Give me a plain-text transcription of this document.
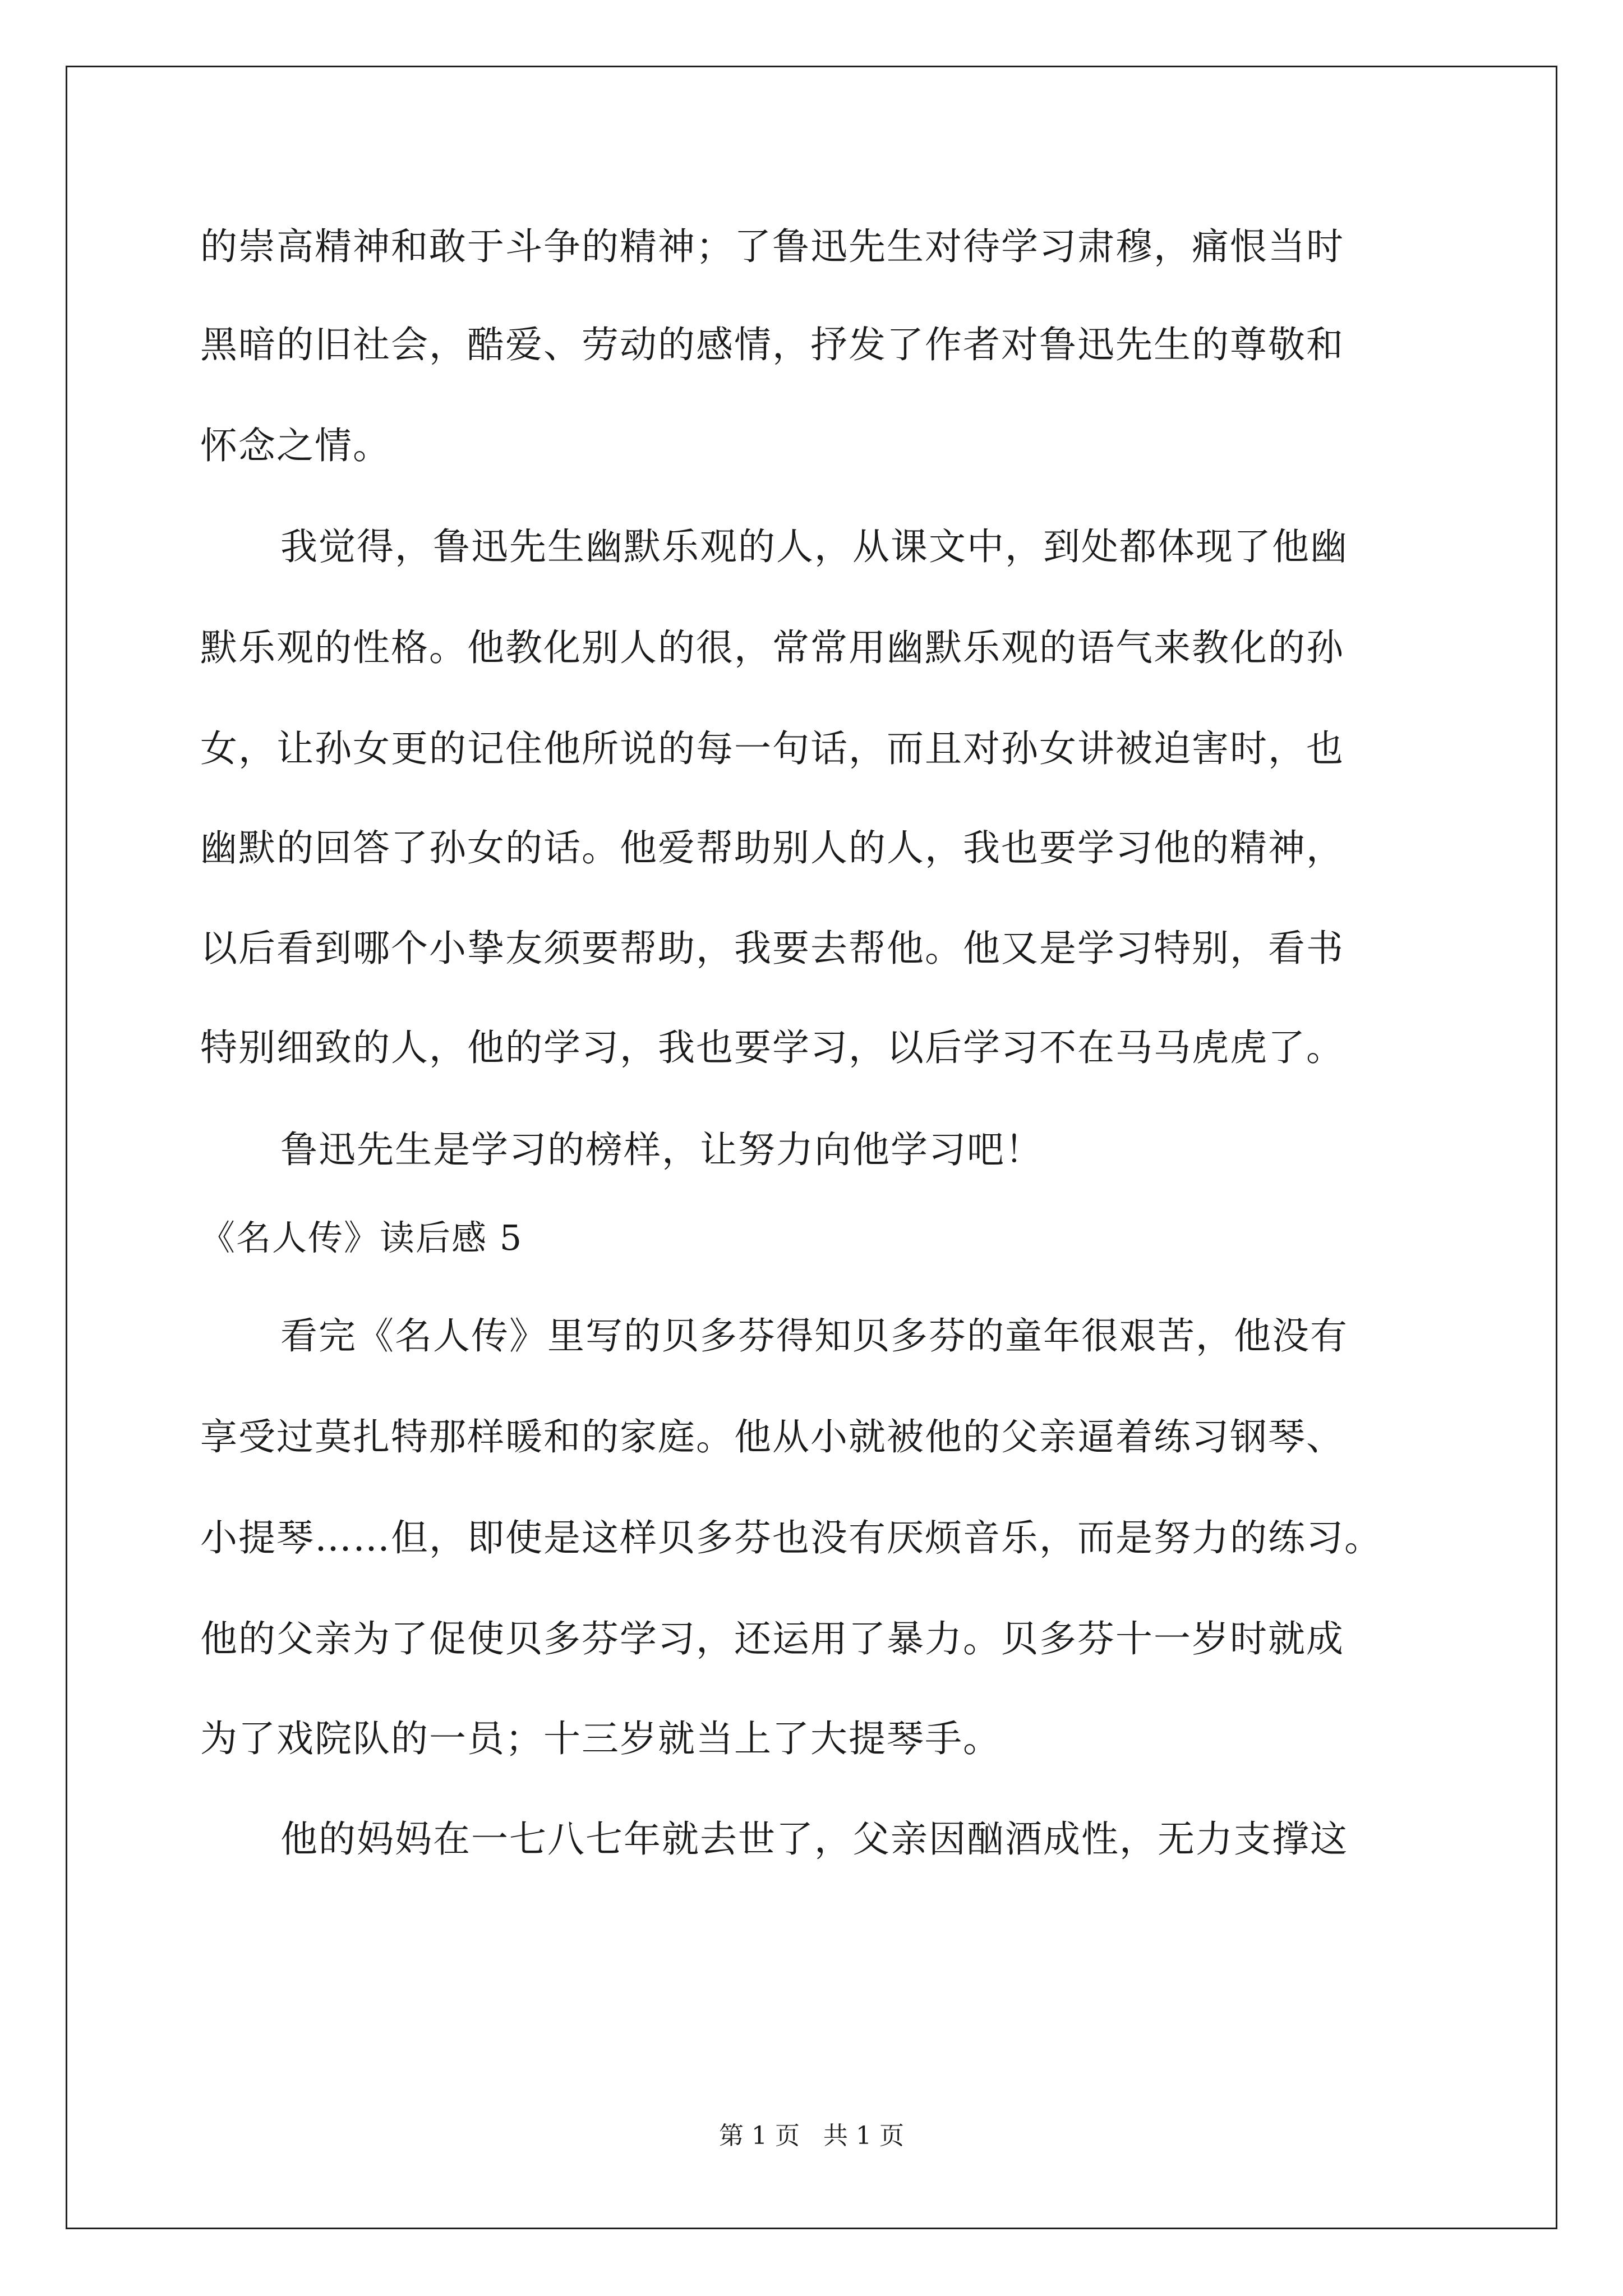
的崇高精神和敢于斗争的精神；了鲁迅先生对待学习肃穆，痛恨当时
黑暗的旧社会，酷爱、劳动的感情，抒发了作者对鲁迅先生的尊敬和
怀念之情。
我觉得，鲁迅先生幽默乐观的人，从课文中，到处都体现了他幽
默乐观的性格。他教化别人的很，常常用幽默乐观的语气来教化的孙
女，让孙女更的记住他所说的每一句话，而且对孙女讲被迫害时，也
幽默的回答了孙女的话。他爱帮助别人的人，我也要学习他的精神，
以后看到哪个小挚友须要帮助，我要去帮他。他又是学习特别，看书
特别细致的人，他的学习，我也要学习，以后学习不在马马虎虎了。
鲁迅先生是学习的榜样，让努力向他学习吧！
《名人传》读后感 5
看完《名人传》里写的贝多芬得知贝多芬的童年很艰苦，他没有
享受过莫扎特那样暖和的家庭。他从小就被他的父亲逼着练习钢琴、
小提琴……但，即使是这样贝多芬也没有厌烦音乐，而是努力的练习。
他的父亲为了促使贝多芬学习，还运用了暴力。贝多芬十一岁时就成
为了戏院队的一员；十三岁就当上了大提琴手。
他的妈妈在一七八七年就去世了，父亲因酗酒成性，无力支撑这
第 1 页   共 1 页
